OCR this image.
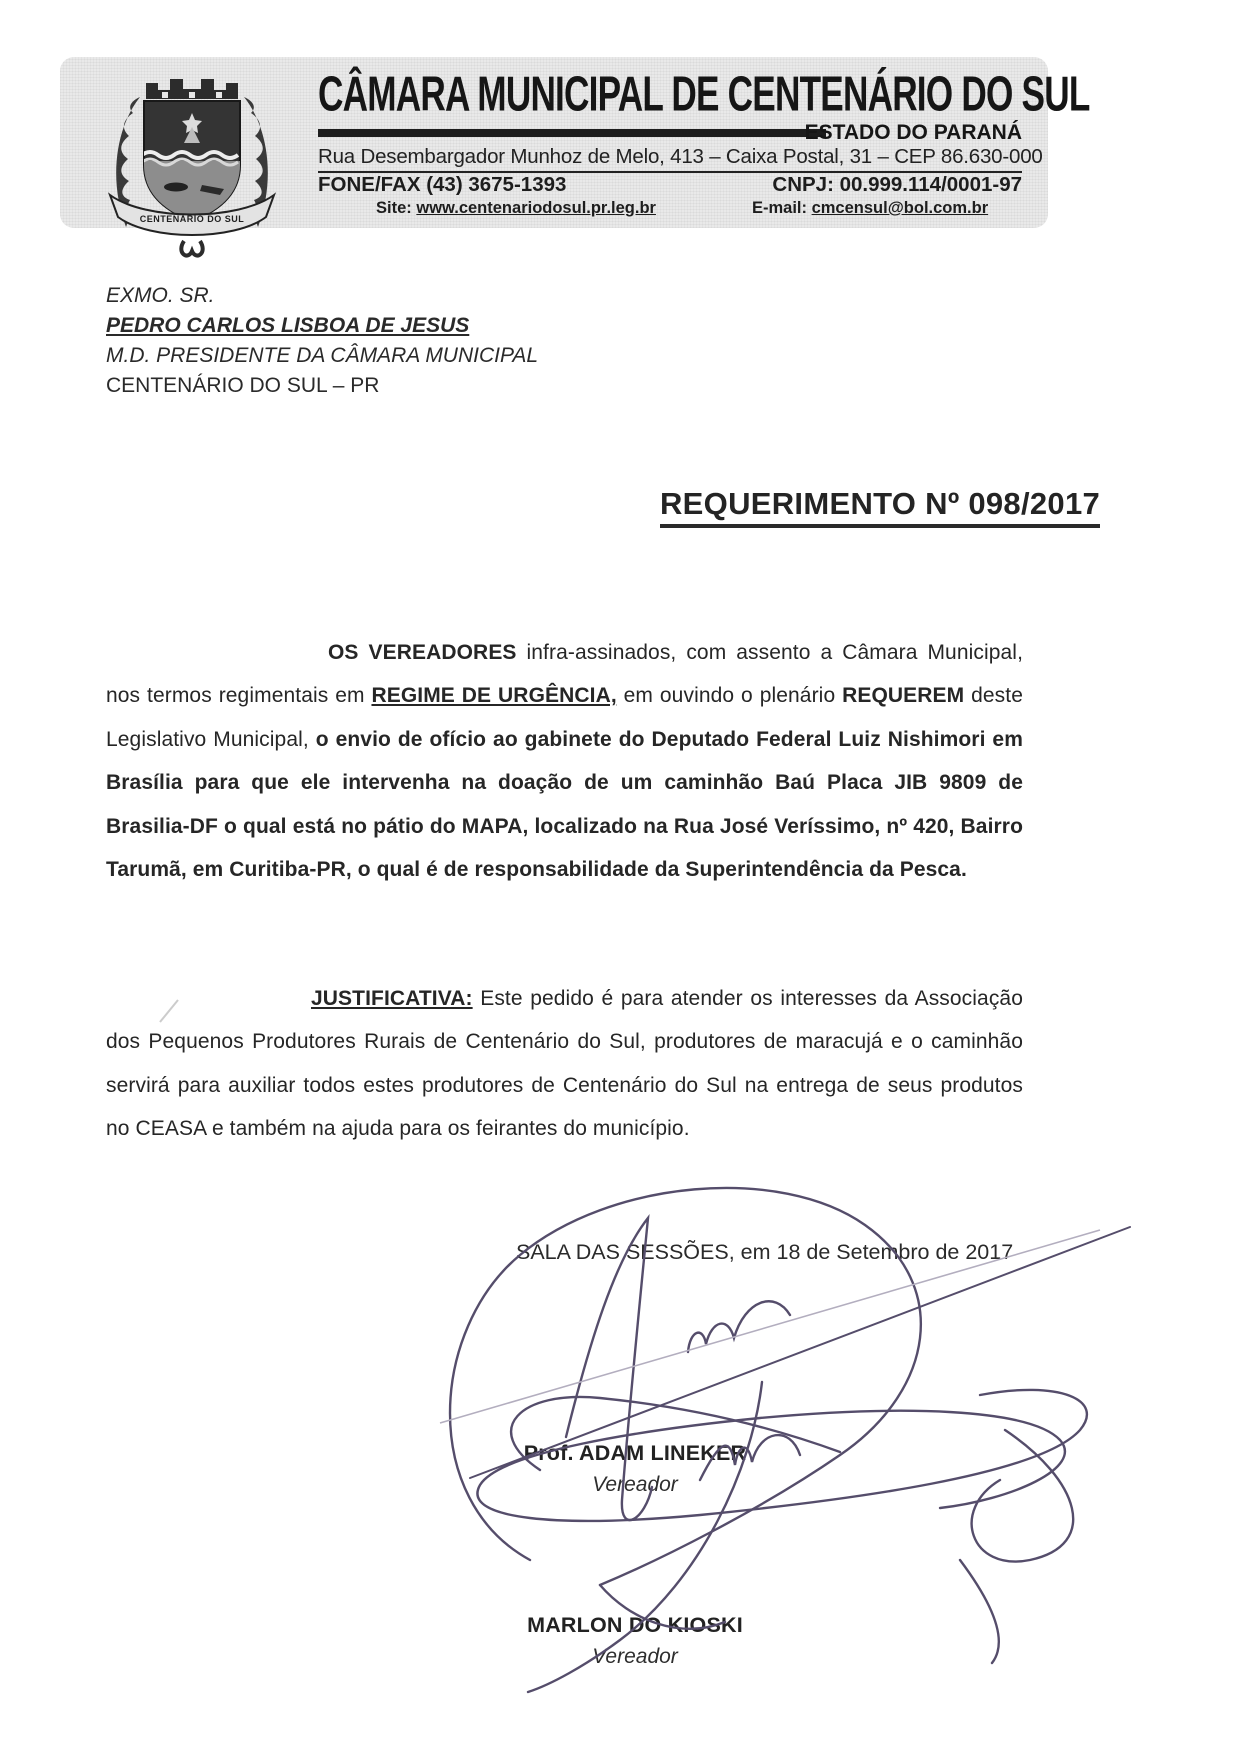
CENTENÁRIO DO SUL
CÂMARA MUNICIPAL DE CENTENÁRIO DO SUL
ESTADO DO PARANÁ
Rua Desembargador Munhoz de Melo, 413 – Caixa Postal, 31 – CEP 86.630-000
FONE/FAX (43) 3675-1393	CNPJ: 00.999.114/0001-97
Site: www.centenariodosul.pr.leg.br	E-mail: cmcensul@bol.com.br
EXMO. SR.
PEDRO CARLOS LISBOA DE JESUS
M.D. PRESIDENTE DA CÂMARA MUNICIPAL
CENTENÁRIO DO SUL – PR
REQUERIMENTO Nº 098/2017
OS VEREADORES infra-assinados, com assento a Câmara Municipal, nos termos regimentais em REGIME DE URGÊNCIA, em ouvindo o plenário REQUEREM deste Legislativo Municipal, o envio de ofício ao gabinete do Deputado Federal Luiz Nishimori em Brasília para que ele intervenha na doação de um caminhão Baú Placa JIB 9809 de Brasilia-DF o qual está no pátio do MAPA, localizado na Rua José Veríssimo, nº 420, Bairro Tarumã, em Curitiba-PR, o qual é de responsabilidade da Superintendência da Pesca.
JUSTIFICATIVA: Este pedido é para atender os interesses da Associação dos Pequenos Produtores Rurais de Centenário do Sul, produtores de maracujá e o caminhão servirá para auxiliar todos estes produtores de Centenário do Sul na entrega de seus produtos no CEASA e também na ajuda para os feirantes do município.
SALA DAS SESSÕES, em 18 de Setembro de 2017
Prof. ADAM LINEKER
Vereador
MARLON DO KIOSKI
Vereador
